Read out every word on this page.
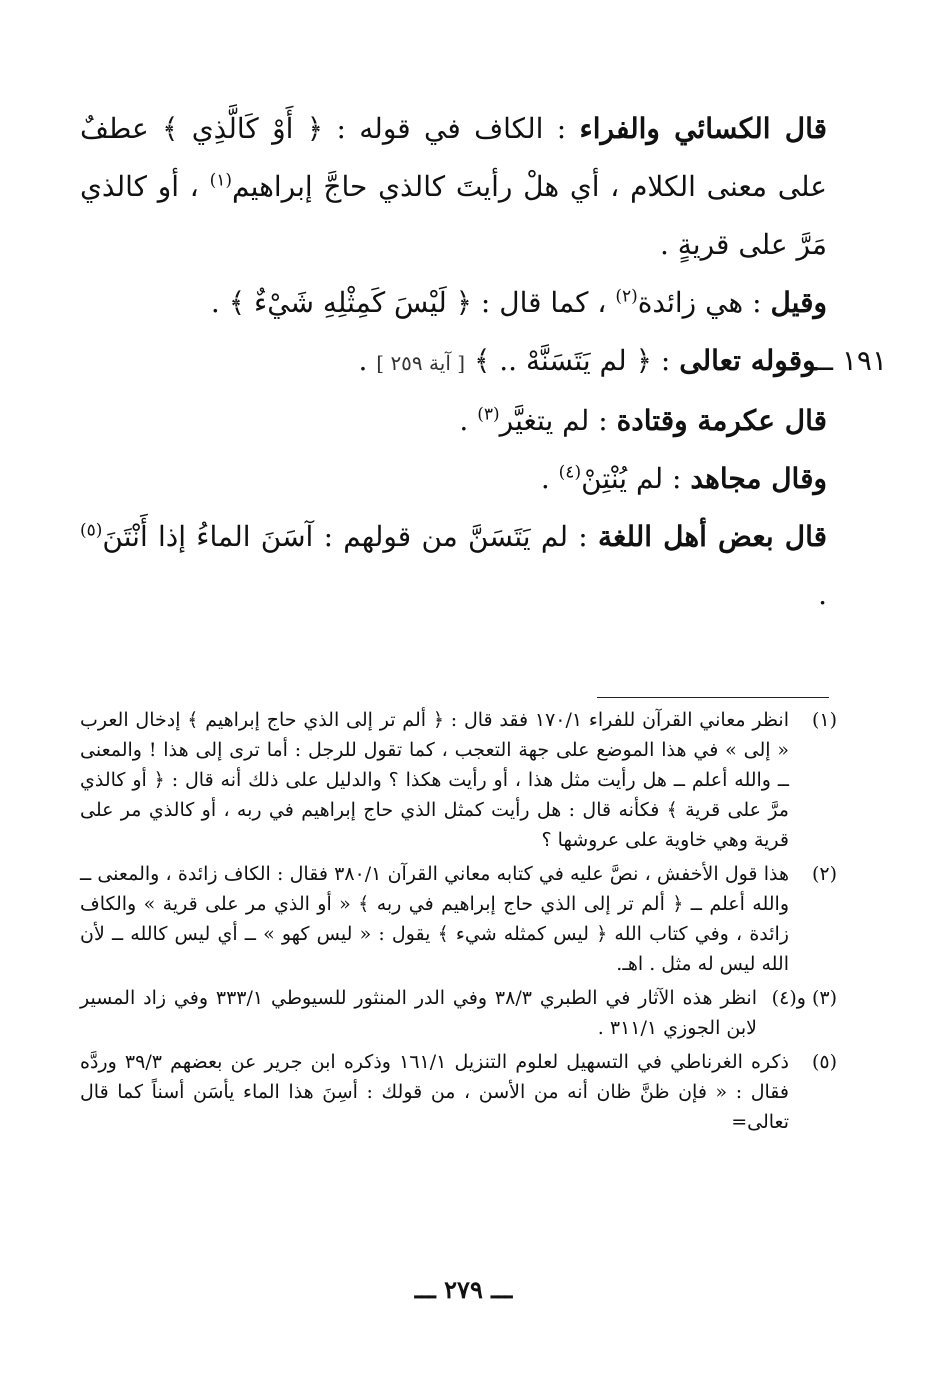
قال الكسائي والفراء : الكاف في قوله : ﴿ أَوْ كَالَّذِي ﴾ عطفٌ على معنى الكلام ، أي هلْ رأيتَ كالذي حاجَّ إبراهيم$^{(١)}$ ، أو كالذي مَرَّ على قريةٍ .

وقيل : هي زائدة$^{(٢)}$ ، كما قال : ﴿ لَيْسَ كَمِثْلِهِ شَيْءٌ ﴾ .

١٩١ ــوقوله تعالى : ﴿ لم يَتَسَنَّهْ .. ﴾ [ آية ٢٥٩ ] .

قال عكرمة وقتادة : لم يتغيَّر$^{(٣)}$ .

وقال مجاهد : لم يُنْتِنْ$^{(٤)}$ .

قال بعض أهل اللغة : لم يَتَسَنَّ من قولهم : آسَنَ الماءُ إذا أَنْتَنَ$^{(٥)}$ .

(١)
انظر معاني القرآن للفراء ١٧٠/١ فقد قال : ﴿ ألم تر إلى الذي حاج إبراهيم ﴾ إدخال العرب « إلى » في هذا الموضع على جهة التعجب ، كما تقول للرجل : أما ترى إلى هذا ! والمعنى ــ والله أعلم ــ هل رأيت مثل هذا ، أو رأيت هكذا ؟ والدليل على ذلك أنه قال : ﴿ أو كالذي مرَّ على قرية ﴾ فكأنه قال : هل رأيت كمثل الذي حاج إبراهيم في ربه ، أو كالذي مر على قرية وهي خاوية على عروشها ؟
(٢)
هذا قول الأخفش ، نصَّ عليه في كتابه معاني القرآن ٣٨٠/١ فقال : الكاف زائدة ، والمعنى ــ والله أعلم ــ ﴿ ألم تر إلى الذي حاج إبراهيم في ربه ﴾ « أو الذي مر على قرية » والكاف زائدة ، وفي كتاب الله ﴿ ليس كمثله شيء ﴾ يقول : « ليس كهو » ــ أي ليس كالله ــ لأن الله ليس له مثل . اهـ.
(٣) و(٤)
انظر هذه الآثار في الطبري ٣٨/٣ وفي الدر المنثور للسيوطي ٣٣٣/١ وفي زاد المسير لابن الجوزي ٣١١/١ .
(٥)
ذكره الغرناطي في التسهيل لعلوم التنزيل ١٦١/١ وذكره ابن جرير عن بعضهم ٣٩/٣ وردَّه فقال : « فإن ظنَّ ظان أنه من الأسن ، من قولك : أسِنَ هذا الماء يأسَن أسناً كما قال تعالى=
ـــ ٢٧٩ ـــ
